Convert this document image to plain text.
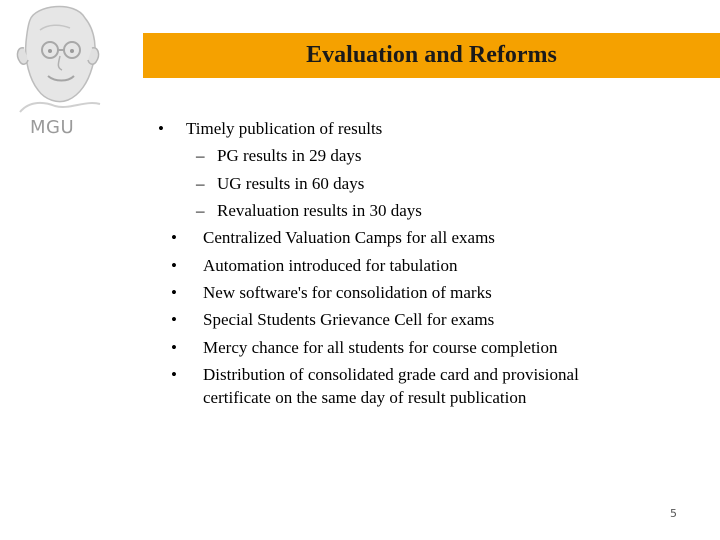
MGU
Evaluation and Reforms
• Timely publication of results
– PG results in 29 days
– UG results in 60 days
– Revaluation results in 30 days
• Centralized Valuation Camps for all exams
• Automation introduced for tabulation
• New software's for consolidation of marks
• Special Students Grievance Cell for exams
• Mercy chance for all students for course completion
• Distribution of consolidated grade card and provisional
certificate on the same day of result publication
5
